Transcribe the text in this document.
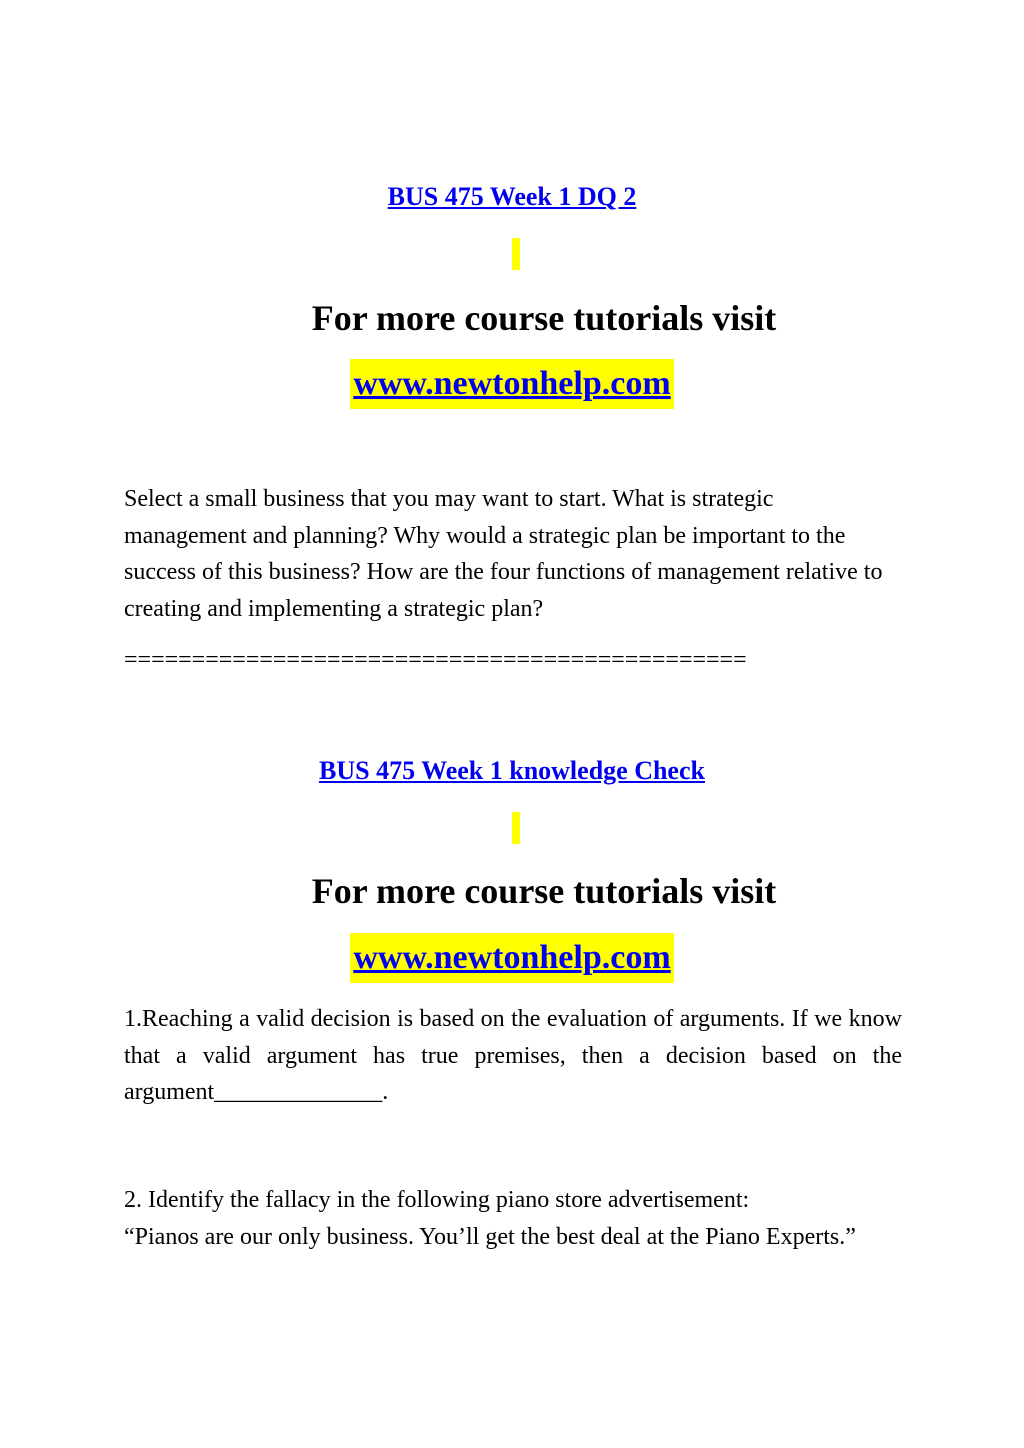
BUS 475 Week 1 DQ 2
For more course tutorials visit
www.newtonhelp.com
Select a small business that you may want to start. What is strategic management and planning? Why would a strategic plan be important to the success of this business? How are the four functions of management relative to creating and implementing a strategic plan?
==============================================
BUS 475 Week 1 knowledge Check
For more course tutorials visit
www.newtonhelp.com
1.Reaching a valid decision is based on the evaluation of arguments. If we know that a valid argument has true premises, then a decision based on the argument______________.
2. Identify the fallacy in the following piano store advertisement:
“Pianos are our only business. You’ll get the best deal at the Piano Experts.”
